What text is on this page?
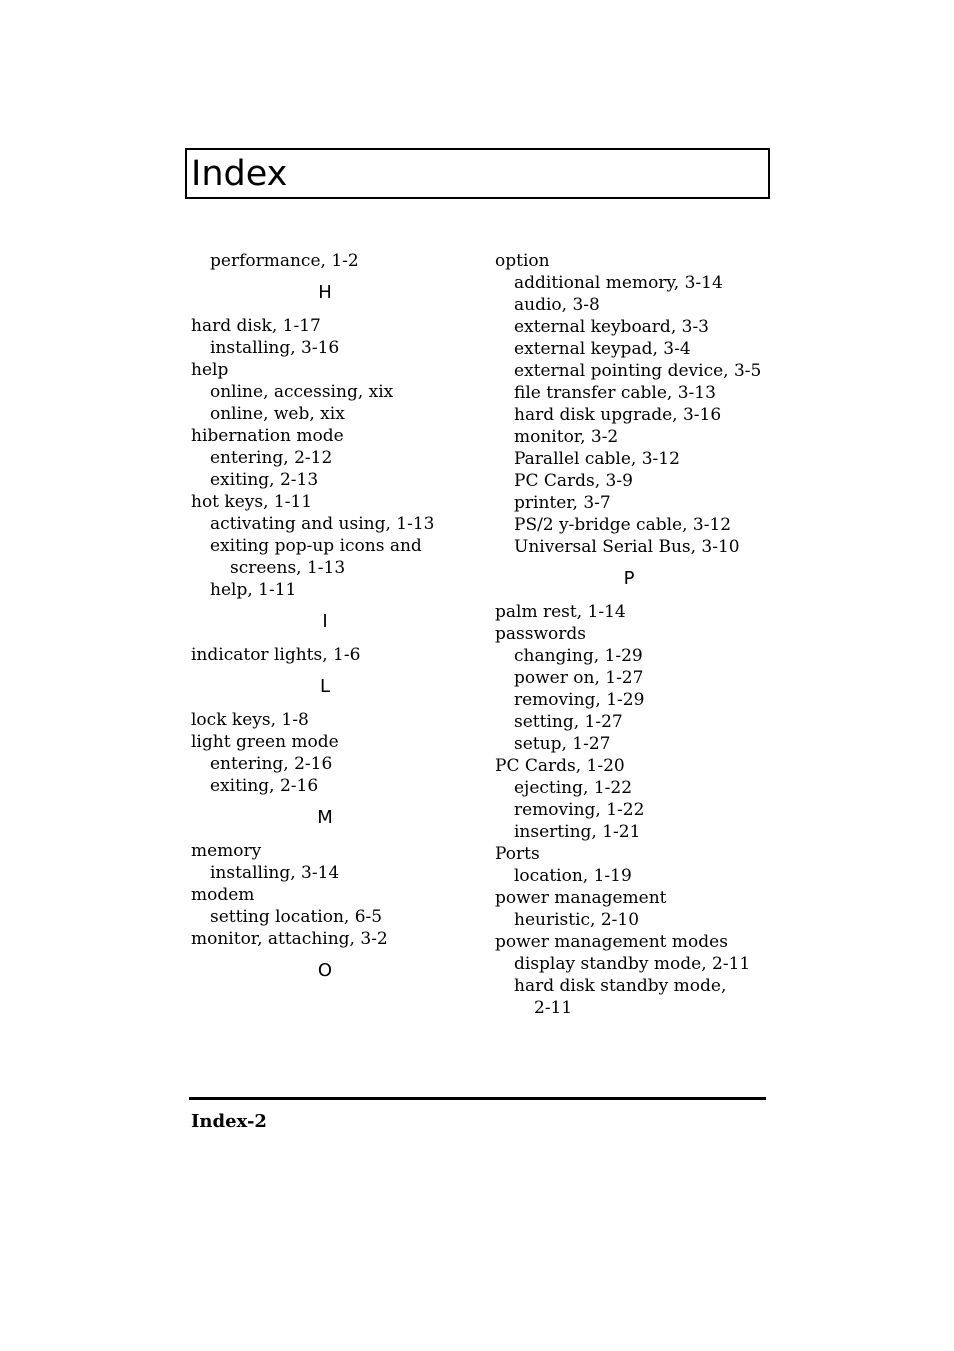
Index
performance, 1-2
H
hard disk, 1-17
installing, 3-16
help
online, accessing, xix
online, web, xix
hibernation mode
entering, 2-12
exiting, 2-13
hot keys, 1-11
activating and using, 1-13
exiting pop-up icons and
screens, 1-13
help, 1-11
I
indicator lights, 1-6
L
lock keys, 1-8
light green mode
entering, 2-16
exiting, 2-16
M
memory
installing, 3-14
modem
setting location, 6-5
monitor, attaching, 3-2
O
option
additional memory, 3-14
audio, 3-8
external keyboard, 3-3
external keypad, 3-4
external pointing device, 3-5
file transfer cable, 3-13
hard disk upgrade, 3-16
monitor, 3-2
Parallel cable, 3-12
PC Cards, 3-9
printer, 3-7
PS/2 y-bridge cable, 3-12
Universal Serial Bus, 3-10
P
palm rest, 1-14
passwords
changing, 1-29
power on, 1-27
removing, 1-29
setting, 1-27
setup, 1-27
PC Cards, 1-20
ejecting, 1-22
removing, 1-22
inserting, 1-21
Ports
location, 1-19
power management
heuristic, 2-10
power management modes
display standby mode, 2-11
hard disk standby mode,
2-11
Index-2
